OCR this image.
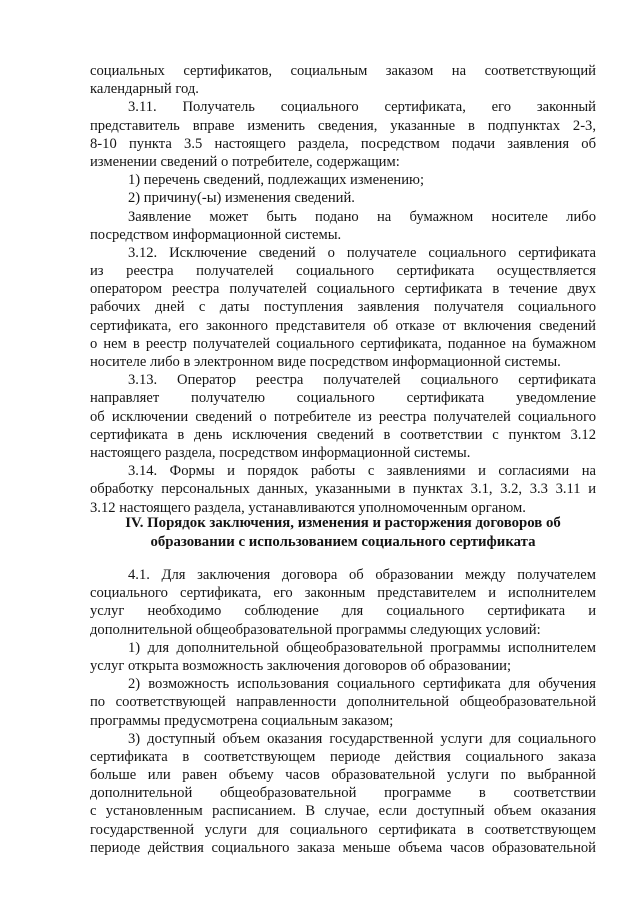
социальных сертификатов, социальным заказом на соответствующий
календарный год.
3.11. Получатель социального сертификата, его законный
представитель вправе изменить сведения, указанные в подпунктах 2-3,
8-10 пункта 3.5 настоящего раздела, посредством подачи заявления об
изменении сведений о потребителе, содержащим:
1) перечень сведений, подлежащих изменению;
2) причину(-ы) изменения сведений.
Заявление может быть подано на бумажном носителе либо
посредством информационной системы.
3.12. Исключение сведений о получателе социального сертификата
из реестра получателей социального сертификата осуществляется
оператором реестра получателей социального сертификата в течение двух
рабочих дней с даты поступления заявления получателя социального
сертификата, его законного представителя об отказе от включения сведений
о нем в реестр получателей социального сертификата, поданное на бумажном
носителе либо в электронном виде посредством информационной системы.
3.13. Оператор реестра получателей социального сертификата
направляет получателю социального сертификата уведомление
об исключении сведений о потребителе из реестра получателей социального
сертификата в день исключения сведений в соответствии с пунктом 3.12
настоящего раздела, посредством информационной системы.
3.14. Формы и порядок работы с заявлениями и согласиями на
обработку персональных данных, указанными в пунктах 3.1, 3.2, 3.3 3.11 и
3.12 настоящего раздела, устанавливаются уполномоченным органом.
IV. Порядок заключения, изменения и расторжения договоров об
образовании с использованием социального сертификата
4.1. Для заключения договора об образовании между получателем
социального сертификата, его законным представителем и исполнителем
услуг необходимо соблюдение для социального сертификата и
дополнительной общеобразовательной программы следующих условий:
1) для дополнительной общеобразовательной программы исполнителем
услуг открыта возможность заключения договоров об образовании;
2) возможность использования социального сертификата для обучения
по соответствующей направленности дополнительной общеобразовательной
программы предусмотрена социальным заказом;
3) доступный объем оказания государственной услуги для социального
сертификата в соответствующем периоде действия социального заказа
больше или равен объему часов образовательной услуги по выбранной
дополнительной общеобразовательной программе в соответствии
с установленным расписанием. В случае, если доступный объем оказания
государственной услуги для социального сертификата в соответствующем
периоде действия социального заказа меньше объема часов образовательной
